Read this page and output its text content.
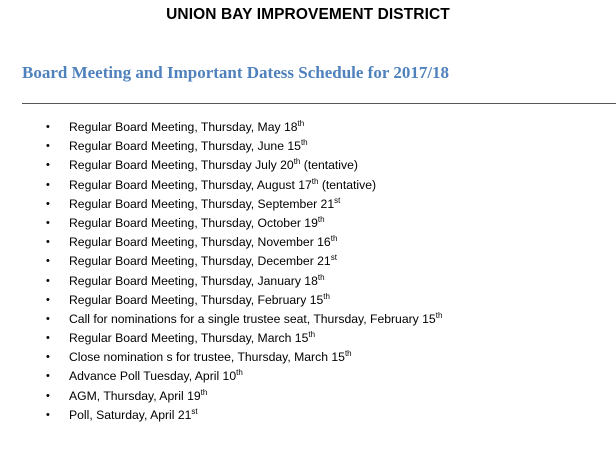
UNION BAY IMPROVEMENT DISTRICT
Board Meeting and Important Datess Schedule for 2017/18
• Regular Board Meeting, Thursday, May 18th
• Regular Board Meeting, Thursday, June 15th
• Regular Board Meeting, Thursday July 20th (tentative)
• Regular Board Meeting, Thursday, August 17th (tentative)
• Regular Board Meeting, Thursday, September 21st
• Regular Board Meeting, Thursday, October 19th
• Regular Board Meeting, Thursday, November 16th
• Regular Board Meeting, Thursday, December 21st
• Regular Board Meeting, Thursday, January 18th
• Regular Board Meeting, Thursday, February 15th
• Call for nominations for a single trustee seat, Thursday, February 15th
• Regular Board Meeting, Thursday, March 15th
• Close nomination s for trustee, Thursday, March 15th
• Advance Poll Tuesday, April 10th
• AGM, Thursday, April 19th
• Poll, Saturday, April 21st
